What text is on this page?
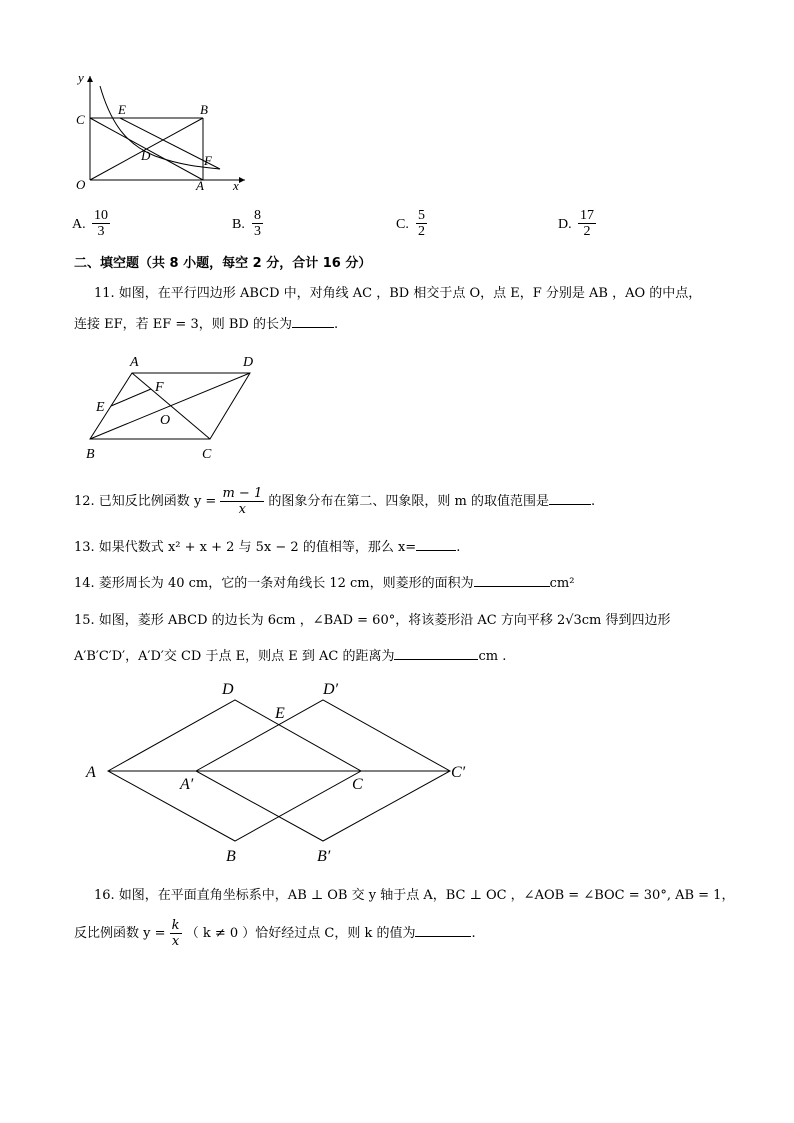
y
C
E	B
D	F
O	A x
A. $\frac{10}{3}$	B. $\frac{8}{3}$	C. $\frac{5}{2}$	D. $\frac{17}{2}$
二、填空题（共 8 小题，每空 2 分，合计 16 分）
11. 如图，在平行四边形 ABCD 中，对角线 AC ，BD 相交于点 O，点 E，F 分别是 AB ，AO 的中点，
连接 EF，若 EF = 3，则 BD 的长为	.
A	D
F
E
O
B	C
12. 已知反比例函数 $y = \frac{m - 1}{x}$ 的图象分布在第二、四象限，则 m 的取值范围是	.
13. 如果代数式 x² + x + 2 与 5x − 2 的值相等，那么 x=	.
14. 菱形周长为 40 cm，它的一条对角线长 12 cm，则菱形的面积为	cm²
15. 如图，菱形 ABCD 的边长为 6cm ，∠BAD = 60°，将该菱形沿 AC 方向平移 2√3cm 得到四边形
A′B′C′D′，A′D′交 CD 于点 E，则点 E 到 AC 的距离为	cm .
D	D′
E
A
A′	C
C′
B	B′
16. 如图，在平面直角坐标系中，AB ⊥ OB 交 y 轴于点 A，BC ⊥ OC ，∠AOB = ∠BOC = 30°, AB = 1，
反比例函数 $y = \frac{k}{x}$ （ k ≠ 0 ）恰好经过点 C，则 k 的值为	.
